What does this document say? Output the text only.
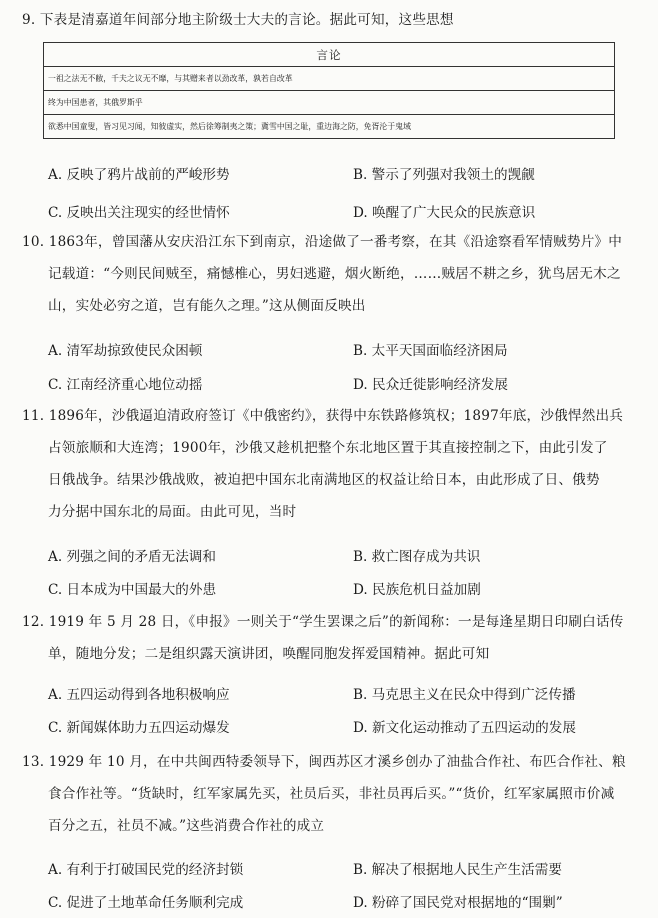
9. 下表是清嘉道年间部分地主阶级士大夫的言论。据此可知，这些思想
言论
一祖之法无不敝，千夫之议无不靡，与其赠来者以劲改革，孰若自改革
终为中国患者，其俄罗斯乎
欲悉中国童叟，皆习见习闻，知彼虚实，然后徐筹制夷之策；冀雪中国之耻，重边海之防，免胥沦于鬼域
A. 反映了鸦片战前的严峻形势	B. 警示了列强对我领土的觊觎
C. 反映出关注现实的经世情怀	D. 唤醒了广大民众的民族意识
10. 1863年，曾国藩从安庆沿江东下到南京，沿途做了一番考察，在其《沿途察看军情贼势片》中
记载道：“今则民间贼至，痛憾椎心，男妇逃避，烟火断绝，……贼居不耕之乡，犹鸟居无木之
山，实处必穷之道，岂有能久之理。”这从侧面反映出
A. 清军劫掠致使民众困顿	B. 太平天国面临经济困局
C. 江南经济重心地位动摇	D. 民众迁徙影响经济发展
11. 1896年，沙俄逼迫清政府签订《中俄密约》，获得中东铁路修筑权；1897年底，沙俄悍然出兵
占领旅顺和大连湾；1900年，沙俄又趁机把整个东北地区置于其直接控制之下，由此引发了
日俄战争。结果沙俄战败，被迫把中国东北南满地区的权益让给日本，由此形成了日、俄势
力分据中国东北的局面。由此可见，当时
A. 列强之间的矛盾无法调和	B. 救亡图存成为共识
C. 日本成为中国最大的外患	D. 民族危机日益加剧
12. 1919 年 5 月 28 日，《申报》一则关于“学生罢课之后”的新闻称：一是每逢星期日印刷白话传
单，随地分发；二是组织露天演讲团，唤醒同胞发挥爱国精神。据此可知
A. 五四运动得到各地积极响应	B. 马克思主义在民众中得到广泛传播
C. 新闻媒体助力五四运动爆发	D. 新文化运动推动了五四运动的发展
13. 1929 年 10 月，在中共闽西特委领导下，闽西苏区才溪乡创办了油盐合作社、布匹合作社、粮
食合作社等。“货缺时，红军家属先买，社员后买，非社员再后买。”“货价，红军家属照市价减
百分之五，社员不减。”这些消费合作社的成立
A. 有利于打破国民党的经济封锁	B. 解决了根据地人民生产生活需要
C. 促进了土地革命任务顺利完成	D. 粉碎了国民党对根据地的“围剿”
